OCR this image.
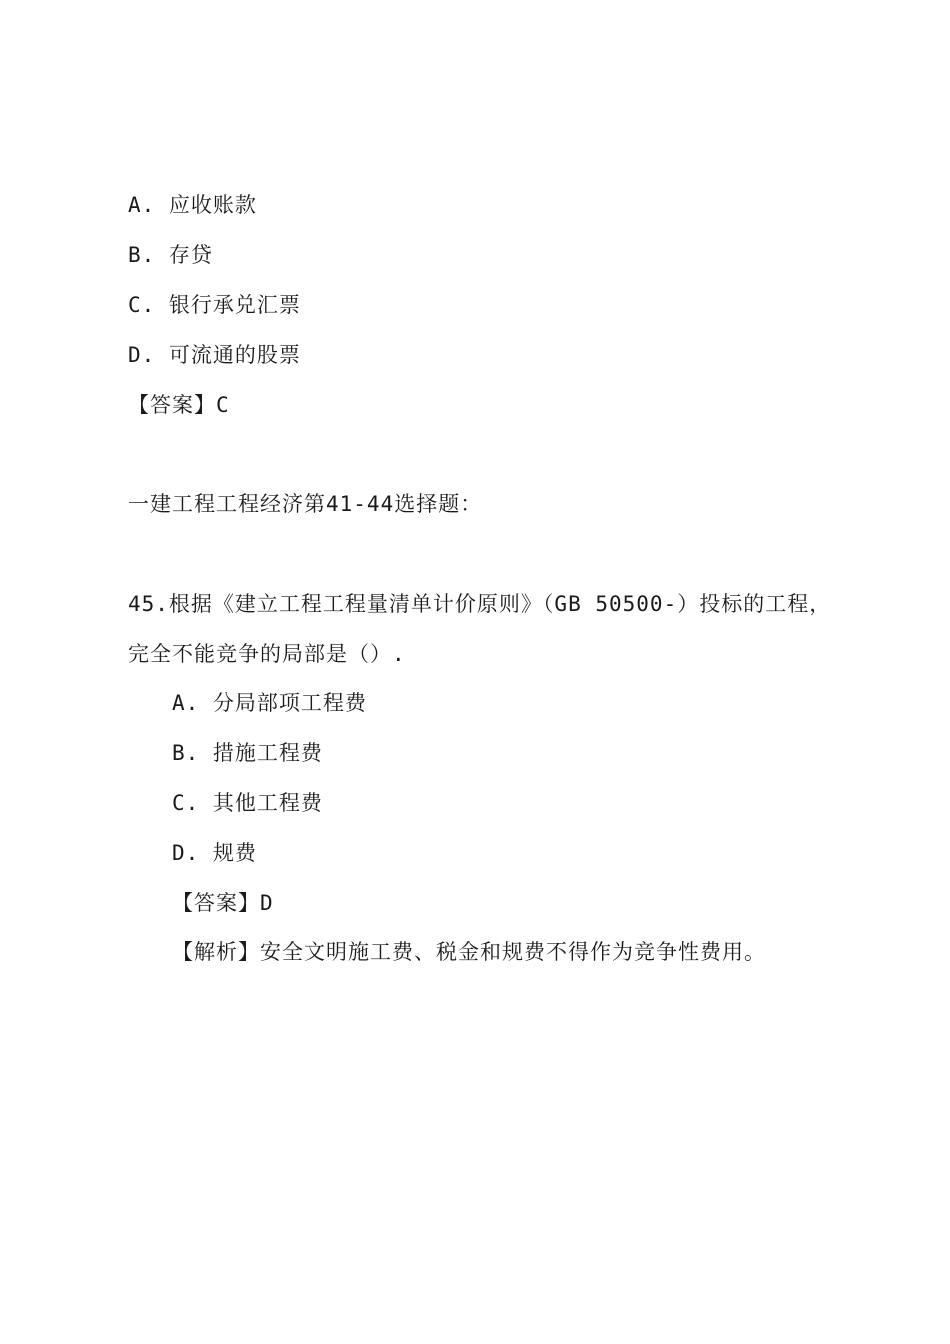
A. 应收账款
B. 存贷
C. 银行承兑汇票
D. 可流通的股票
【答案】C
一建工程工程经济第41-44选择题：
45.根据《建立工程工程量清单计价原则》（GB 50500-）投标的工程，
完全不能竞争的局部是（）.
A. 分局部项工程费
B. 措施工程费
C. 其他工程费
D. 规费
【答案】D
【解析】安全文明施工费、税金和规费不得作为竞争性费用。
